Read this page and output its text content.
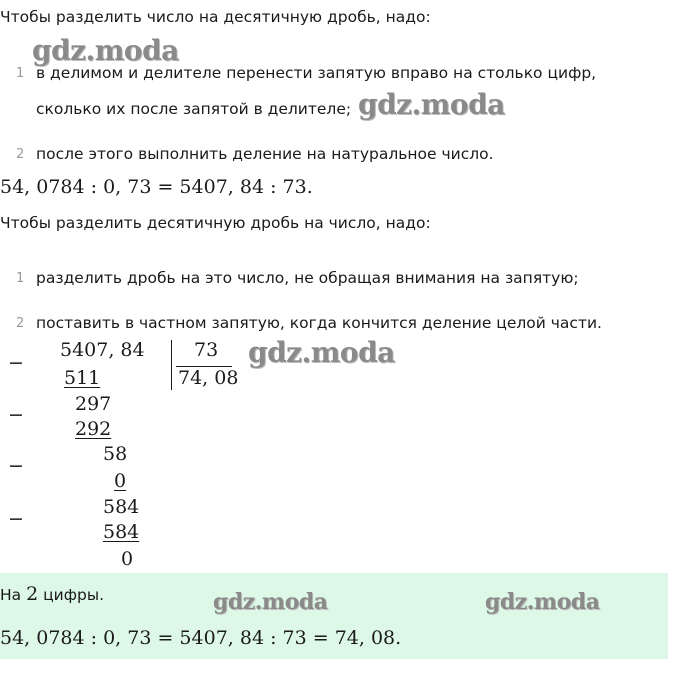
Чтобы разделить число на десятичную дробь, надо:
gdz.moda
1 в делимом и делителе перенести запятую вправо на столько цифр,
сколько их после запятой в делителе; gdz.moda
2 после этого выполнить деление на натуральное число.
54, 0784 : 0, 73 = 5407, 84 : 73.
Чтобы разделить десятичную дробь на число, надо:
1 разделить дробь на это число, не обращая внимания на запятую;
2 поставить в частном запятую, когда кончится деление целой части.
5407, 84	73
74, 08
gdz.moda
−
511
297
−
292
58
−
0
584
−
584
0
На 2 цифры.	gdz.moda	gdz.moda
54, 0784 : 0, 73 = 5407, 84 : 73 = 74, 08.
